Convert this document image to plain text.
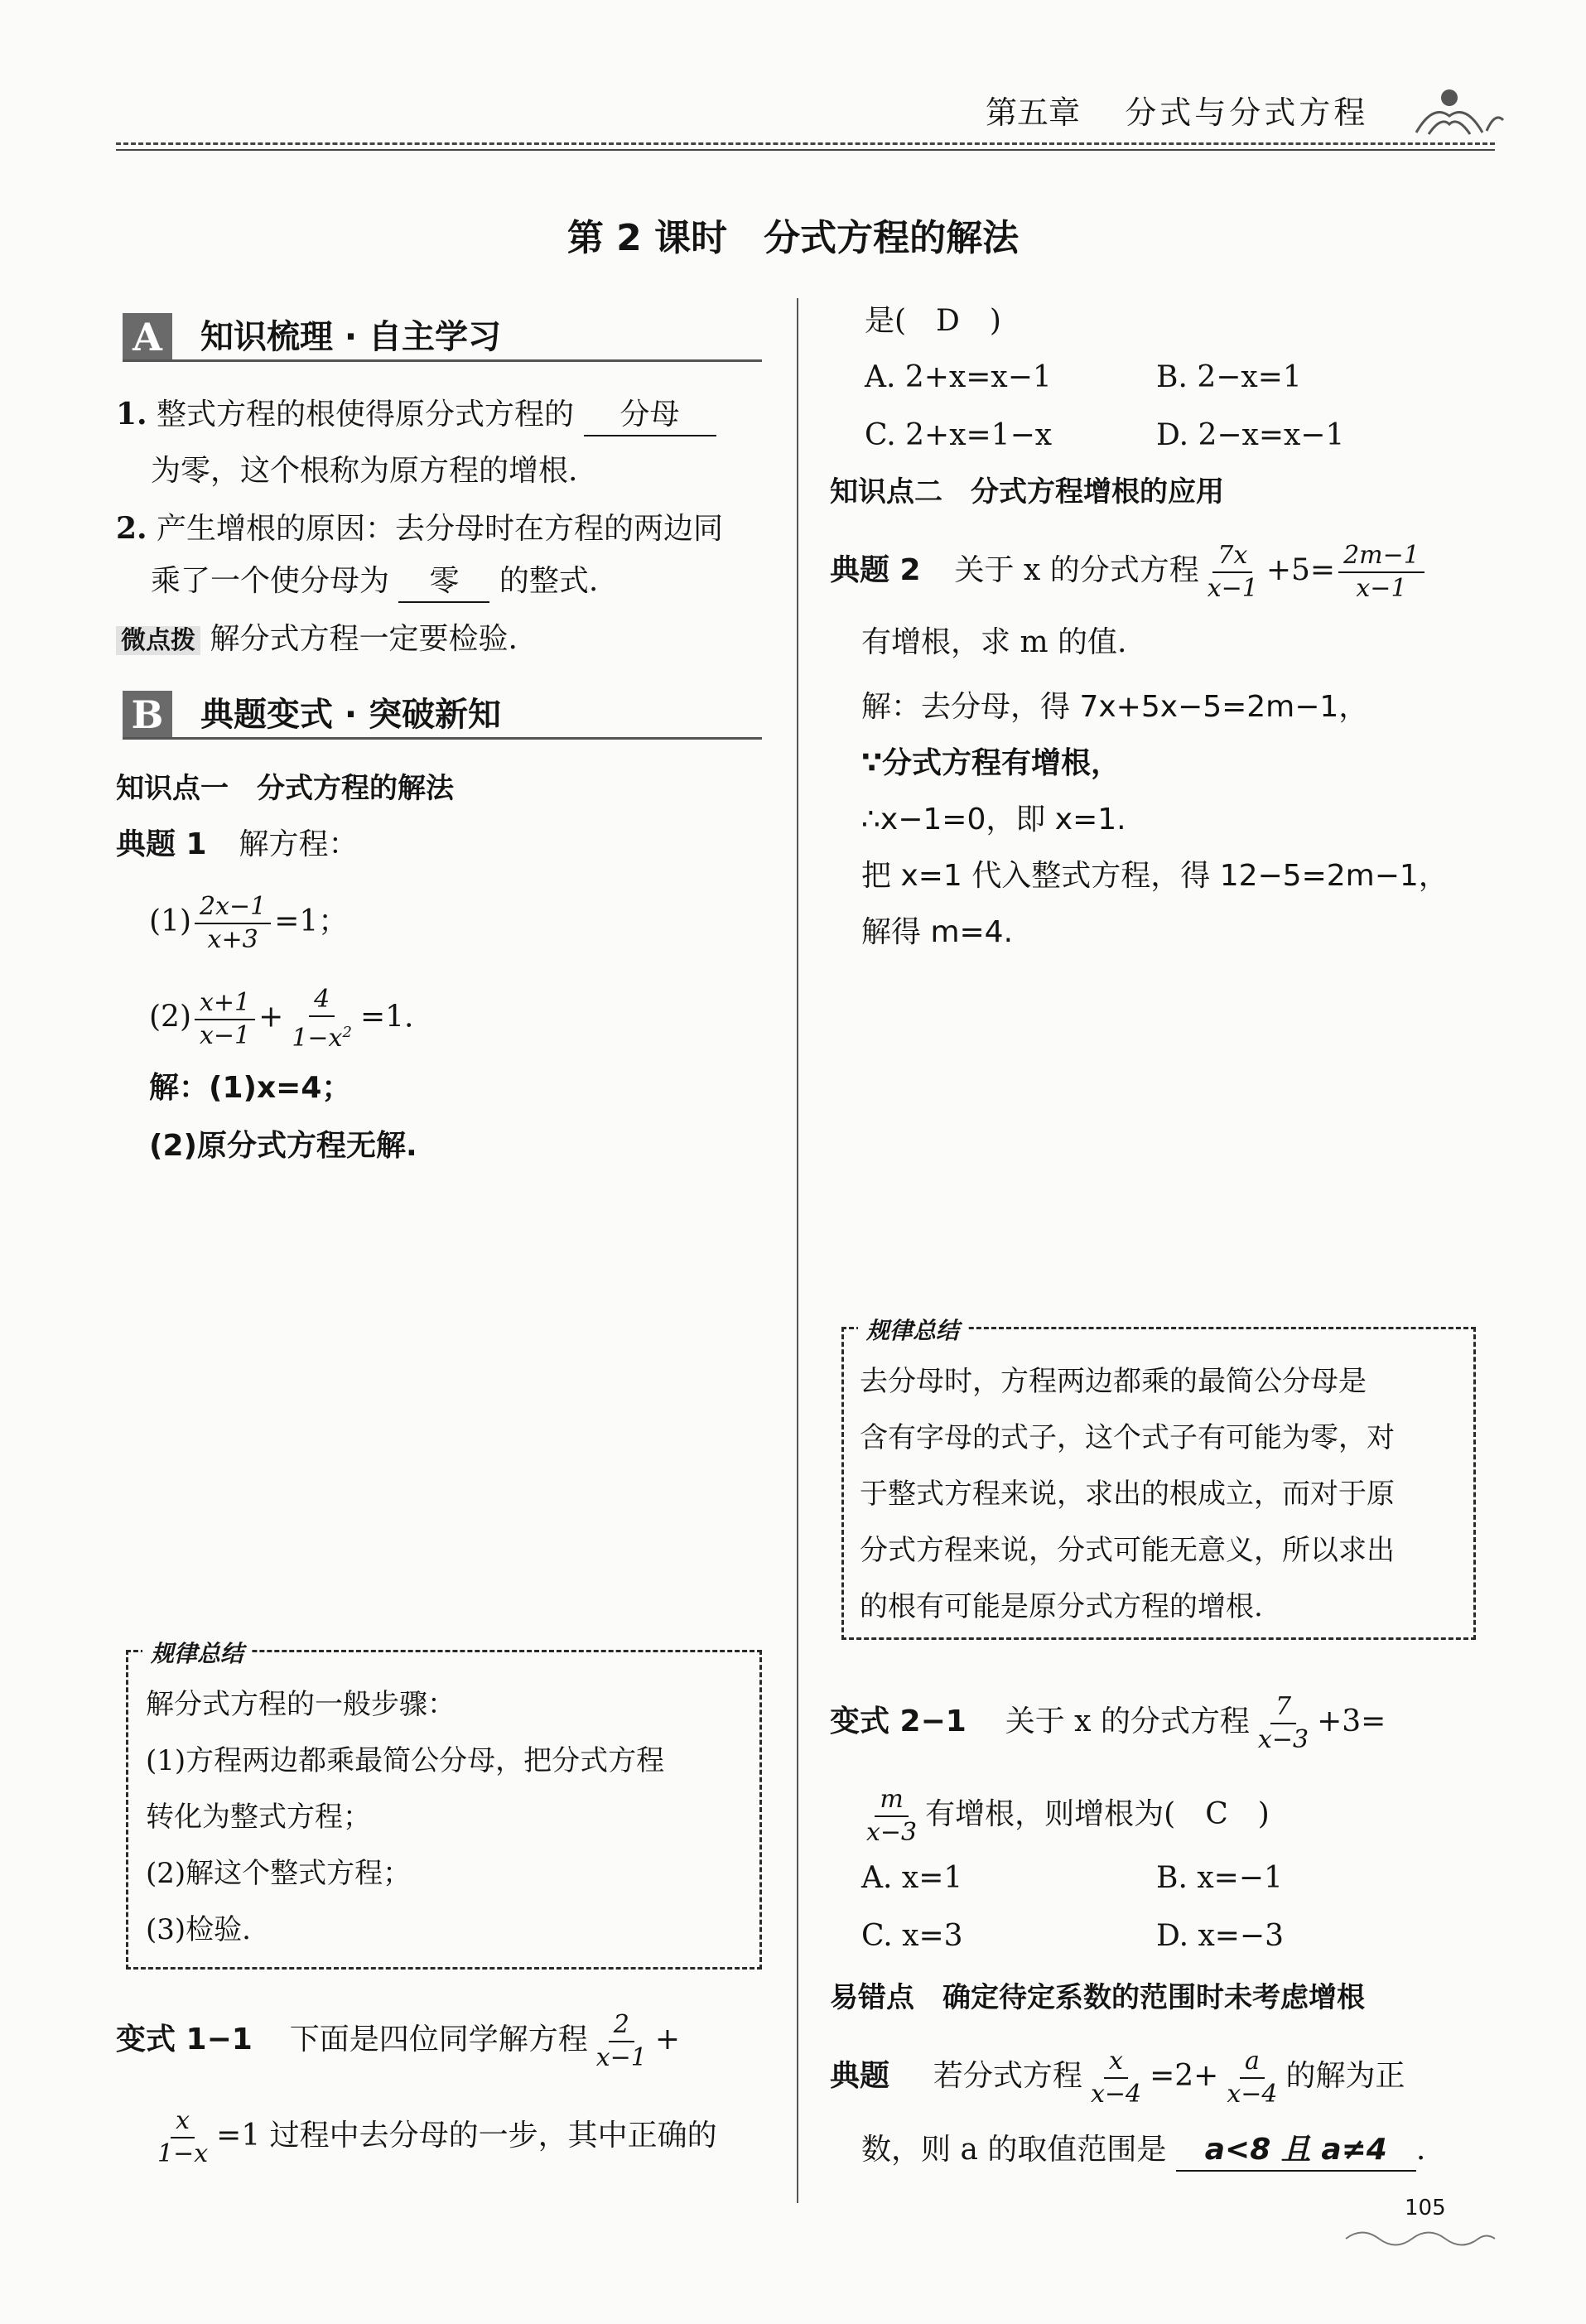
第五章 分式与分式方程
第 2 课时　分式方程的解法
A	知识梳理 · 自主学习
1. 整式方程的根使得原分式方程的 分母
为零，这个根称为原方程的增根.
2. 产生增根的原因：去分母时在方程的两边同
乘了一个使分母为 零 的整式.
微点拨 解分式方程一定要检验.
B 典题变式 · 突破新知
知识点一　分式方程的解法
典题 1 解方程：
$(1) \frac{2x-1}{x+3} =1$；
$(2) \frac{x+1}{x-1} + \frac{4}{1-x^2} =1$.
解：(1)x=4；
(2)原分式方程无解.
规律总结
解分式方程的一般步骤：
(1)方程两边都乘最简公分母，把分式方程
转化为整式方程；
(2)解这个整式方程；
(3)检验.
变式 1−1 下面是四位同学解方程 $\frac{2}{x-1}$ +
$\frac{x}{1-x} =1$ 过程中去分母的一步，其中正确的
是(　D　)
A. 2+x=x−1	B. 2−x=1
C. 2+x=1−x	D. 2−x=x−1
知识点二　分式方程增根的应用
典题 2 关于 x 的分式方程 $\frac{7x}{x-1} +5= \frac{2m-1}{x-1}$
有增根，求 m 的值.
解：去分母，得 7x+5x−5=2m−1，
∵分式方程有增根，
∴x−1=0，即 x=1.
把 x=1 代入整式方程，得 12−5=2m−1，
解得 m=4.
规律总结
去分母时，方程两边都乘的最简公分母是
含有字母的式子，这个式子有可能为零，对
于整式方程来说，求出的根成立，而对于原
分式方程来说，分式可能无意义，所以求出
的根有可能是原分式方程的增根.
变式 2−1 关于 x 的分式方程 $\frac{7}{x-3} +3=$
$\frac{m}{x-3}$ 有增根，则增根为(　C　)
A. x=1	B. x=−1
C. x=3	D. x=−3
易错点　确定待定系数的范围时未考虑增根
典题 若分式方程 $\frac{x}{x-4} =2+ \frac{a}{x-4}$ 的解为正
数，则 a 的取值范围是 a<8 且 a≠4 .
105
